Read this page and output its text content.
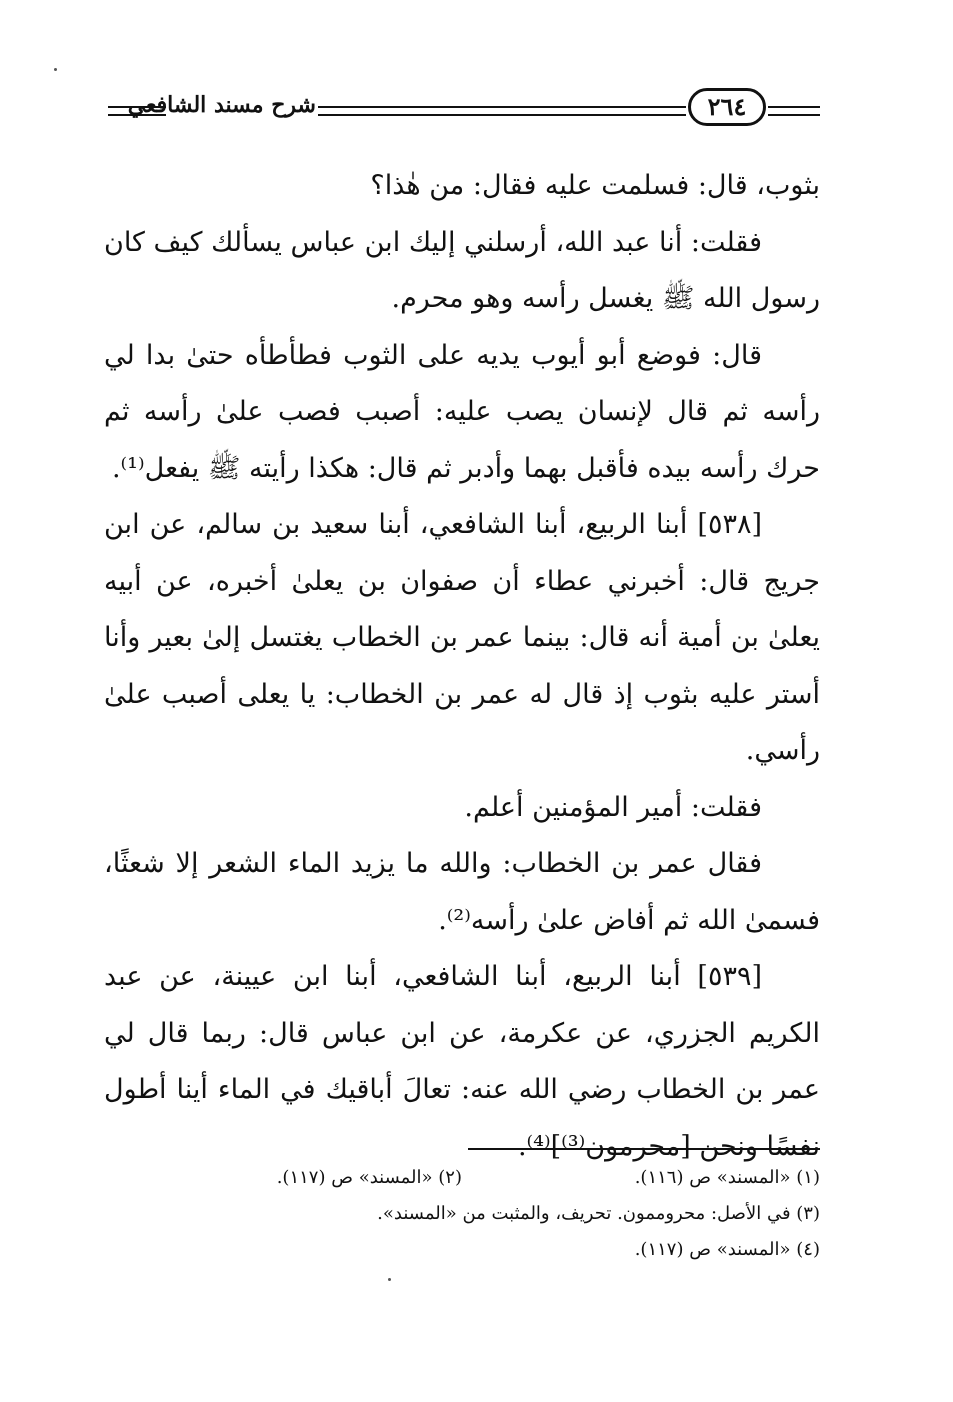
شرح مسند الشافعي	٢٦٤

بثوب، قال: فسلمت عليه فقال: من هٰذا؟

فقلت: أنا عبد الله، أرسلني إليك ابن عباس يسألك كيف كان رسول الله ﷺ يغسل رأسه وهو محرم.

قال: فوضع أبو أيوب يديه على الثوب فطأطأه حتىٰ بدا لي رأسه ثم قال لإنسان يصب عليه: أصبب فصب علىٰ رأسه ثم حرك رأسه بيده فأقبل بهما وأدبر ثم قال: هكذا رأيته ﷺ يفعل⁽¹⁾.

[٥٣٨] أبنا الربيع، أبنا الشافعي، أبنا سعيد بن سالم، عن ابن جريج قال: أخبرني عطاء أن صفوان بن يعلىٰ أخبره، عن أبيه يعلىٰ بن أمية أنه قال: بينما عمر بن الخطاب يغتسل إلىٰ بعير وأنا أستر عليه بثوب إذ قال له عمر بن الخطاب: يا يعلى أصبب علىٰ رأسي.

فقلت: أمير المؤمنين أعلم.

فقال عمر بن الخطاب: والله ما يزيد الماء الشعر إلا شعثًا، فسمىٰ الله ثم أفاض علىٰ رأسه⁽²⁾.

[٥٣٩] أبنا الربيع، أبنا الشافعي، أبنا ابن عيينة، عن عبد الكريم الجزري، عن عكرمة، عن ابن عباس قال: ربما قال لي عمر بن الخطاب رضي الله عنه: تعالَ أباقيك في الماء أينا أطول نفسًا ونحن [محرمون⁽³⁾]⁽⁴⁾.

(١) «المسند» ص (١١٦).
(٢) «المسند» ص (١١٧).
(٣) في الأصل: محروممون. تحريف، والمثبت من «المسند».
(٤) «المسند» ص (١١٧).
